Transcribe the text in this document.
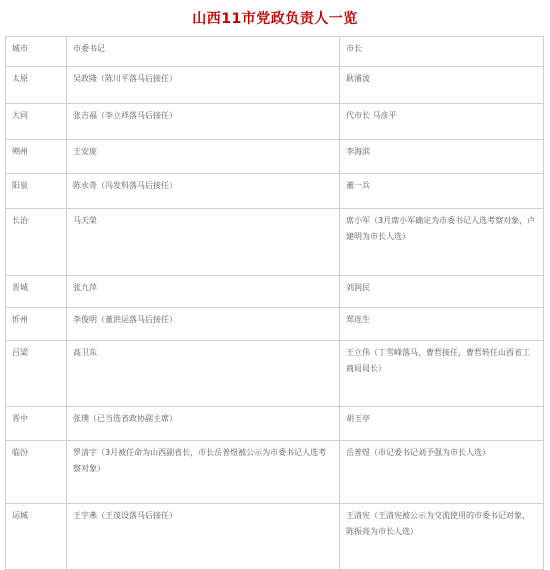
山西11市党政负责人一览
城市	市委书记	市长
太原	吴政隆（陈川平落马后接任）	耿濬波
大同	张吉福（李立祥落马后接任）	代市长 马彦平
朔州	王安庞	李海滨
阳泉	陈永奇（冯发科落马后接任）	董一兵
长治	马天榮	席小军（3月席小军确定为市委书记人选考察对象，卢建明为市长人选）
晋城	张九萍	刘润民
忻州	李俊明（董洪运落马后接任）	郑连生
吕梁	高卫东	王立伟（丁雪峰落马，曹哲接任，曹哲转任山西省工商局局长）
晋中	张璞（已当选省政协副主席）	胡玉亭
临汾	罗清宇（3月被任命为山西副省长，市长岳普煜被公示为市委书记人选考察对象）	岳普煜（市记委书记刘予强为市长人选）
运城	王宇燕（王茂设落马后接任）	王清宪（王清宪被公示为交流使用的市委书记对象，陈振亮为市长人选）
